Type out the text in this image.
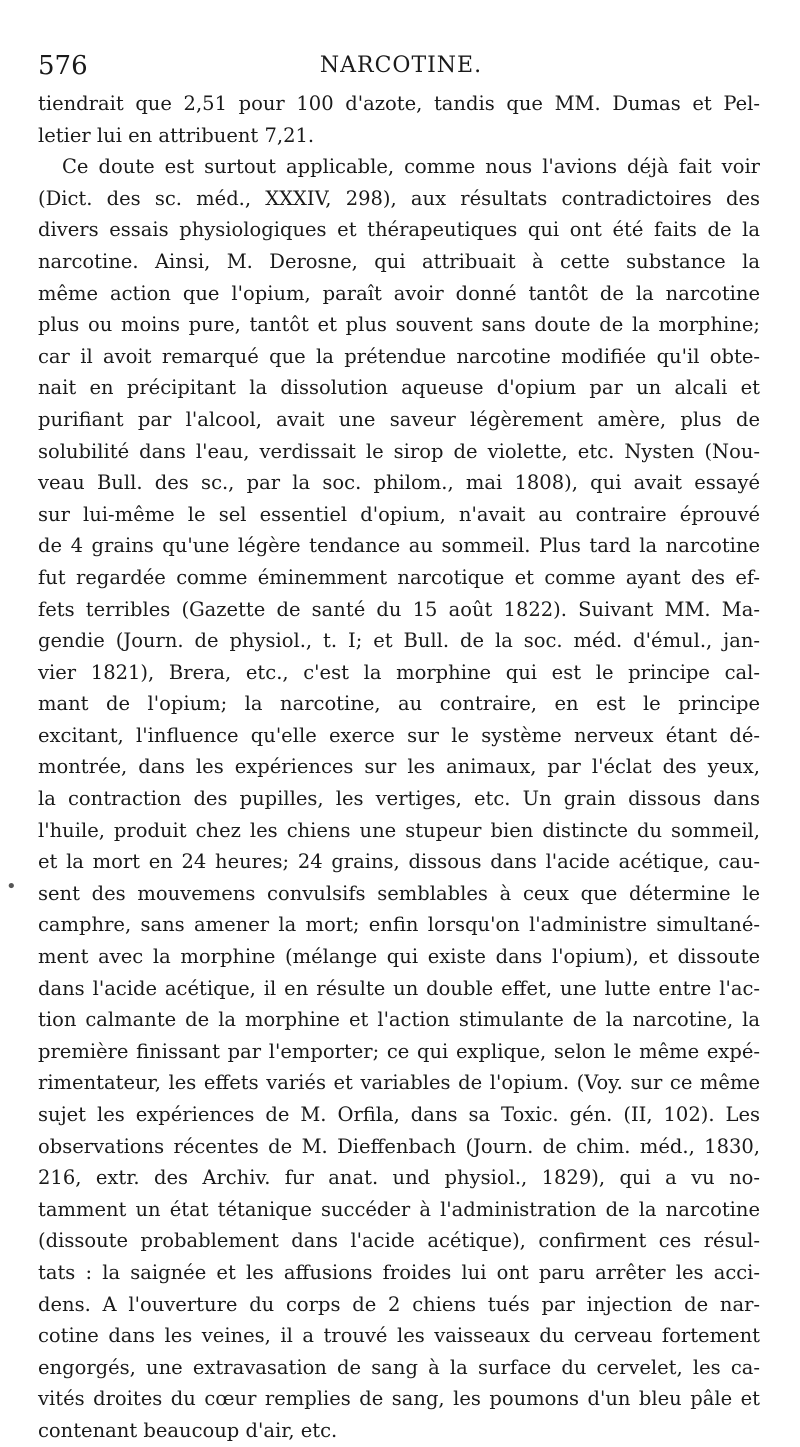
576	NARCOTINE.
tiendrait que 2,51 pour 100 d'azote, tandis que MM. Dumas et Pel-
letier lui en attribuent 7,21.
Ce doute est surtout applicable, comme nous l'avions déjà fait voir
(Dict. des sc. méd., XXXIV, 298), aux résultats contradictoires des
divers essais physiologiques et thérapeutiques qui ont été faits de la
narcotine. Ainsi, M. Derosne, qui attribuait à cette substance la
même action que l'opium, paraît avoir donné tantôt de la narcotine
plus ou moins pure, tantôt et plus souvent sans doute de la morphine;
car il avoit remarqué que la prétendue narcotine modifiée qu'il obte-
nait en précipitant la dissolution aqueuse d'opium par un alcali et
purifiant par l'alcool, avait une saveur légèrement amère, plus de
solubilité dans l'eau, verdissait le sirop de violette, etc. Nysten (Nou-
veau Bull. des sc., par la soc. philom., mai 1808), qui avait essayé
sur lui-même le sel essentiel d'opium, n'avait au contraire éprouvé
de 4 grains qu'une légère tendance au sommeil. Plus tard la narcotine
fut regardée comme éminemment narcotique et comme ayant des ef-
fets terribles (Gazette de santé du 15 août 1822). Suivant MM. Ma-
gendie (Journ. de physiol., t. I; et Bull. de la soc. méd. d'émul., jan-
vier 1821), Brera, etc., c'est la morphine qui est le principe cal-
mant de l'opium; la narcotine, au contraire, en est le principe
excitant, l'influence qu'elle exerce sur le système nerveux étant dé-
montrée, dans les expériences sur les animaux, par l'éclat des yeux,
la contraction des pupilles, les vertiges, etc. Un grain dissous dans
l'huile, produit chez les chiens une stupeur bien distincte du sommeil,
et la mort en 24 heures; 24 grains, dissous dans l'acide acétique, cau-
sent des mouvemens convulsifs semblables à ceux que détermine le
camphre, sans amener la mort; enfin lorsqu'on l'administre simultané-
ment avec la morphine (mélange qui existe dans l'opium), et dissoute
dans l'acide acétique, il en résulte un double effet, une lutte entre l'ac-
tion calmante de la morphine et l'action stimulante de la narcotine, la
première finissant par l'emporter; ce qui explique, selon le même expé-
rimentateur, les effets variés et variables de l'opium. (Voy. sur ce même
sujet les expériences de M. Orfila, dans sa Toxic. gén. (II, 102). Les
observations récentes de M. Dieffenbach (Journ. de chim. méd., 1830,
216, extr. des Archiv. fur anat. und physiol., 1829), qui a vu no-
tamment un état tétanique succéder à l'administration de la narcotine
(dissoute probablement dans l'acide acétique), confirment ces résul-
tats : la saignée et les affusions froides lui ont paru arrêter les acci-
dens. A l'ouverture du corps de 2 chiens tués par injection de nar-
cotine dans les veines, il a trouvé les vaisseaux du cerveau fortement
engorgés, une extravasation de sang à la surface du cervelet, les ca-
vités droites du cœur remplies de sang, les poumons d'un bleu pâle et
contenant beaucoup d'air, etc.
•
